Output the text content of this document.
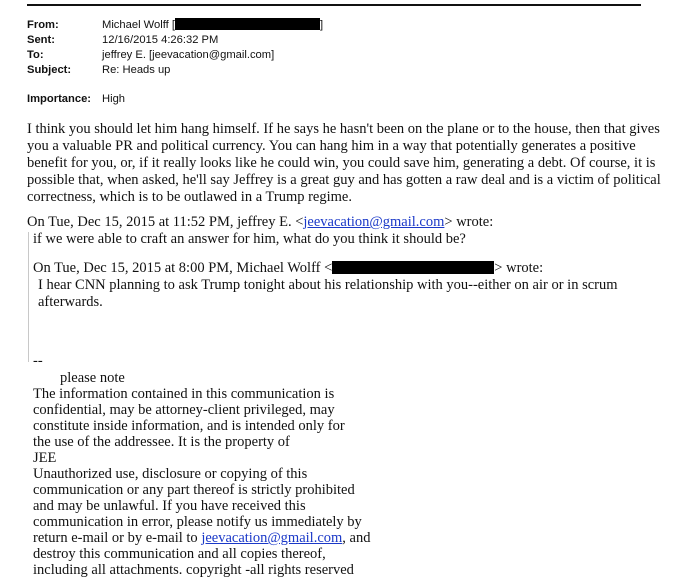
From:	Michael Wolff [	]
Sent:	12/16/2015 4:26:32 PM
To:	jeffrey E. [jeevacation@gmail.com]
Subject:	Re: Heads up
Importance: High
I think you should let him hang himself. If he says he hasn't been on the plane or to the house, then that gives
you a valuable PR and political currency. You can hang him in a way that potentially generates a positive
benefit for you, or, if it really looks like he could win, you could save him, generating a debt. Of course, it is
possible that, when asked, he'll say Jeffrey is a great guy and has gotten a raw deal and is a victim of political
correctness, which is to be outlawed in a Trump regime.
On Tue, Dec 15, 2015 at 11:52 PM, jeffrey E. <jeevacation@gmail.com> wrote:
if we were able to craft an answer for him, what do you think it should be?
On Tue, Dec 15, 2015 at 8:00 PM, Michael Wolff <	> wrote:
I hear CNN planning to ask Trump tonight about his relationship with you--either on air or in scrum
afterwards.
--
please note
The information contained in this communication is
confidential, may be attorney-client privileged, may
constitute inside information, and is intended only for
the use of the addressee. It is the property of
JEE
Unauthorized use, disclosure or copying of this
communication or any part thereof is strictly prohibited
and may be unlawful. If you have received this
communication in error, please notify us immediately by
return e-mail or by e-mail to jeevacation@gmail.com, and
destroy this communication and all copies thereof,
including all attachments. copyright -all rights reserved
